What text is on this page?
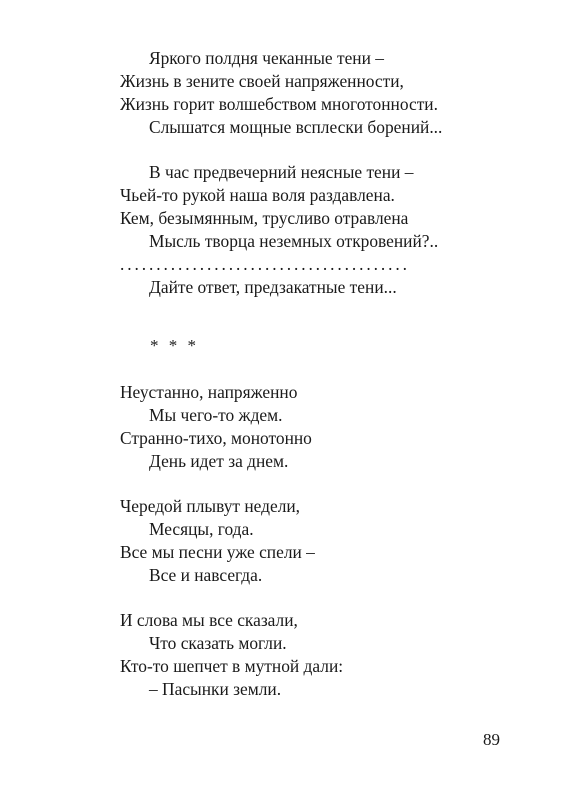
Яркого полдня чеканные тени –
Жизнь в зените своей напряженности,
Жизнь горит волшебством многотонности.
Слышатся мощные всплески борений...
В час предвечерний неясные тени –
Чьей-то рукой наша воля раздавлена.
Кем, безымянным, трусливо отравлена
Мысль творца неземных откровений?..
........................................
Дайте ответ, предзакатные тени...
* * *
Неустанно, напряженно
Мы чего-то ждем.
Странно-тихо, монотонно
День идет за днем.
Чередой плывут недели,
Месяцы, года.
Все мы песни уже спели –
Все и навсегда.
И слова мы все сказали,
Что сказать могли.
Кто-то шепчет в мутной дали:
– Пасынки земли.
89
